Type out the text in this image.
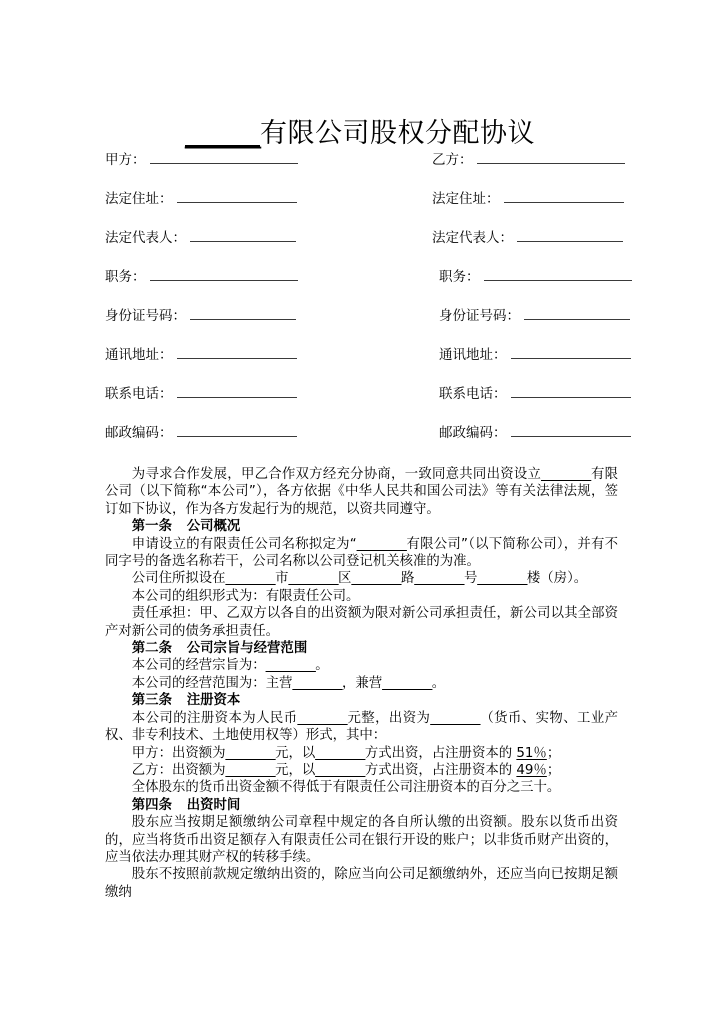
______有限公司股权分配协议
甲方：	乙方：
法定住址：	法定住址：
法定代表人：	法定代表人：
职务：	职务：
身份证号码：	身份证号码：
通讯地址：	通讯地址：
联系电话：	联系电话：
邮政编码：	邮政编码：

为寻求合作发展，甲乙合作双方经充分协商，一致同意共同出资设立________有限公司（以下简称“本公司”），各方依据《中华人民共和国公司法》等有关法律法规，签订如下协议，作为各方发起行为的规范，以资共同遵守。

第一条 公司概况

申请设立的有限责任公司名称拟定为“________有限公司”（以下简称公司），并有不同字号的备选名称若干，公司名称以公司登记机关核准的为准。

公司住所拟设在________市________区________路________号________楼（房）。

本公司的组织形式为：有限责任公司。

责任承担：甲、乙双方以各自的出资额为限对新公司承担责任，新公司以其全部资产对新公司的债务承担责任。

第二条 公司宗旨与经营范围

本公司的经营宗旨为：________。

本公司的经营范围为：主营________，兼营________。

第三条 注册资本

本公司的注册资本为人民币________元整，出资为________（货币、实物、工业产权、非专利技术、土地使用权等）形式，其中：

甲方：出资额为________元，以________方式出资，占注册资本的 51％；

乙方：出资额为________元，以________方式出资，占注册资本的 49％；

全体股东的货币出资金额不得低于有限责任公司注册资本的百分之三十。

第四条 出资时间

股东应当按期足额缴纳公司章程中规定的各自所认缴的出资额。股东以货币出资的，应当将货币出资足额存入有限责任公司在银行开设的账户；以非货币财产出资的，应当依法办理其财产权的转移手续。

股东不按照前款规定缴纳出资的，除应当向公司足额缴纳外，还应当向已按期足额缴纳
